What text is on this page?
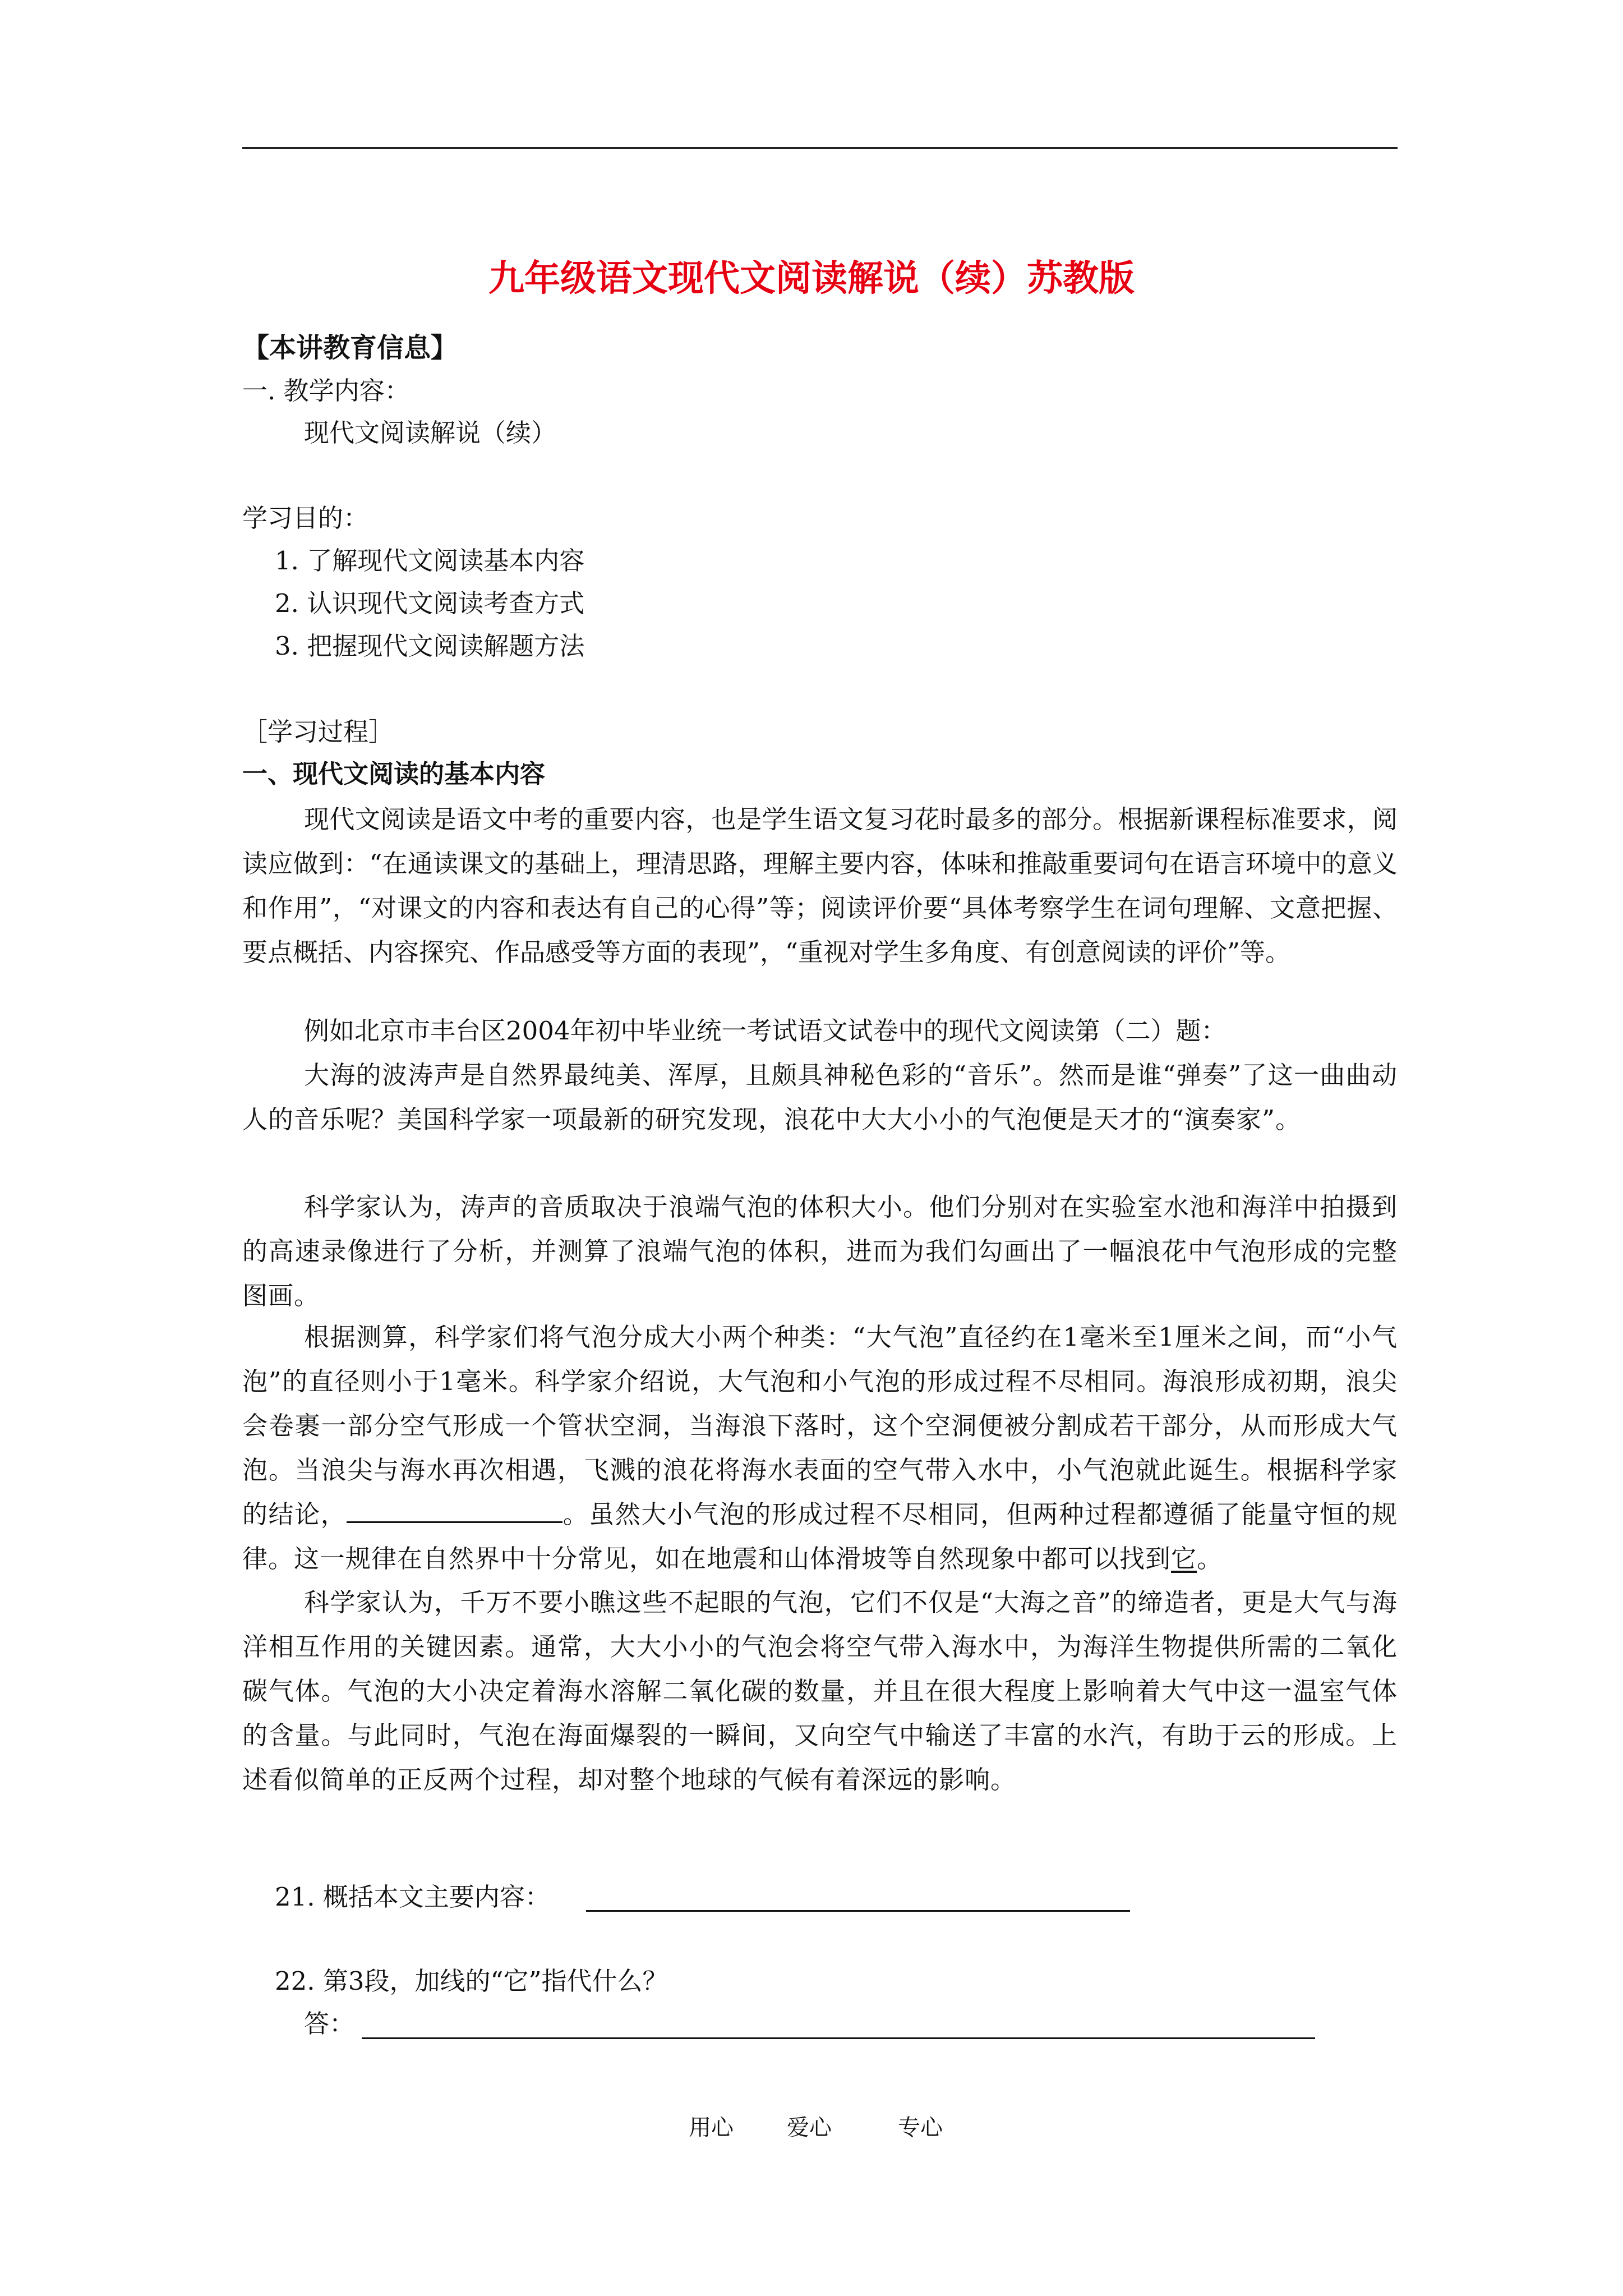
九年级语文现代文阅读解说（续）苏教版
【本讲教育信息】
一. 教学内容：
现代文阅读解说（续）
学习目的：
1. 了解现代文阅读基本内容
2. 认识现代文阅读考查方式
3. 把握现代文阅读解题方法
［学习过程］
一、现代文阅读的基本内容
现代文阅读是语文中考的重要内容，也是学生语文复习花时最多的部分。根据新课程标准要求，阅读应做到：“在通读课文的基础上，理清思路，理解主要内容，体味和推敲重要词句在语言环境中的意义和作用”，“对课文的内容和表达有自己的心得”等；阅读评价要“具体考察学生在词句理解、文意把握、要点概括、内容探究、作品感受等方面的表现”，“重视对学生多角度、有创意阅读的评价”等。
例如北京市丰台区2004年初中毕业统一考试语文试卷中的现代文阅读第（二）题：
大海的波涛声是自然界最纯美、浑厚，且颇具神秘色彩的“音乐”。然而是谁“弹奏”了这一曲曲动人的音乐呢？美国科学家一项最新的研究发现，浪花中大大小小的气泡便是天才的“演奏家”。
科学家认为，涛声的音质取决于浪端气泡的体积大小。他们分别对在实验室水池和海洋中拍摄到的高速录像进行了分析，并测算了浪端气泡的体积，进而为我们勾画出了一幅浪花中气泡形成的完整图画。
根据测算，科学家们将气泡分成大小两个种类：“大气泡”直径约在1毫米至1厘米之间，而“小气泡”的直径则小于1毫米。科学家介绍说，大气泡和小气泡的形成过程不尽相同。海浪形成初期，浪尖会卷裹一部分空气形成一个管状空洞，当海浪下落时，这个空洞便被分割成若干部分，从而形成大气泡。当浪尖与海水再次相遇，飞溅的浪花将海水表面的空气带入水中，小气泡就此诞生。根据科学家的结论，	。虽然大小气泡的形成过程不尽相同，但两种过程都遵循了能量守恒的规律。这一规律在自然界中十分常见，如在地震和山体滑坡等自然现象中都可以找到它。
科学家认为，千万不要小瞧这些不起眼的气泡，它们不仅是“大海之音”的缔造者，更是大气与海洋相互作用的关键因素。通常，大大小小的气泡会将空气带入海水中，为海洋生物提供所需的二氧化碳气体。气泡的大小决定着海水溶解二氧化碳的数量，并且在很大程度上影响着大气中这一温室气体的含量。与此同时，气泡在海面爆裂的一瞬间，又向空气中输送了丰富的水汽，有助于云的形成。上述看似简单的正反两个过程，却对整个地球的气候有着深远的影响。
21. 概括本文主要内容：
22. 第3段，加线的“它”指代什么？
答：
用心 爱心	专心
